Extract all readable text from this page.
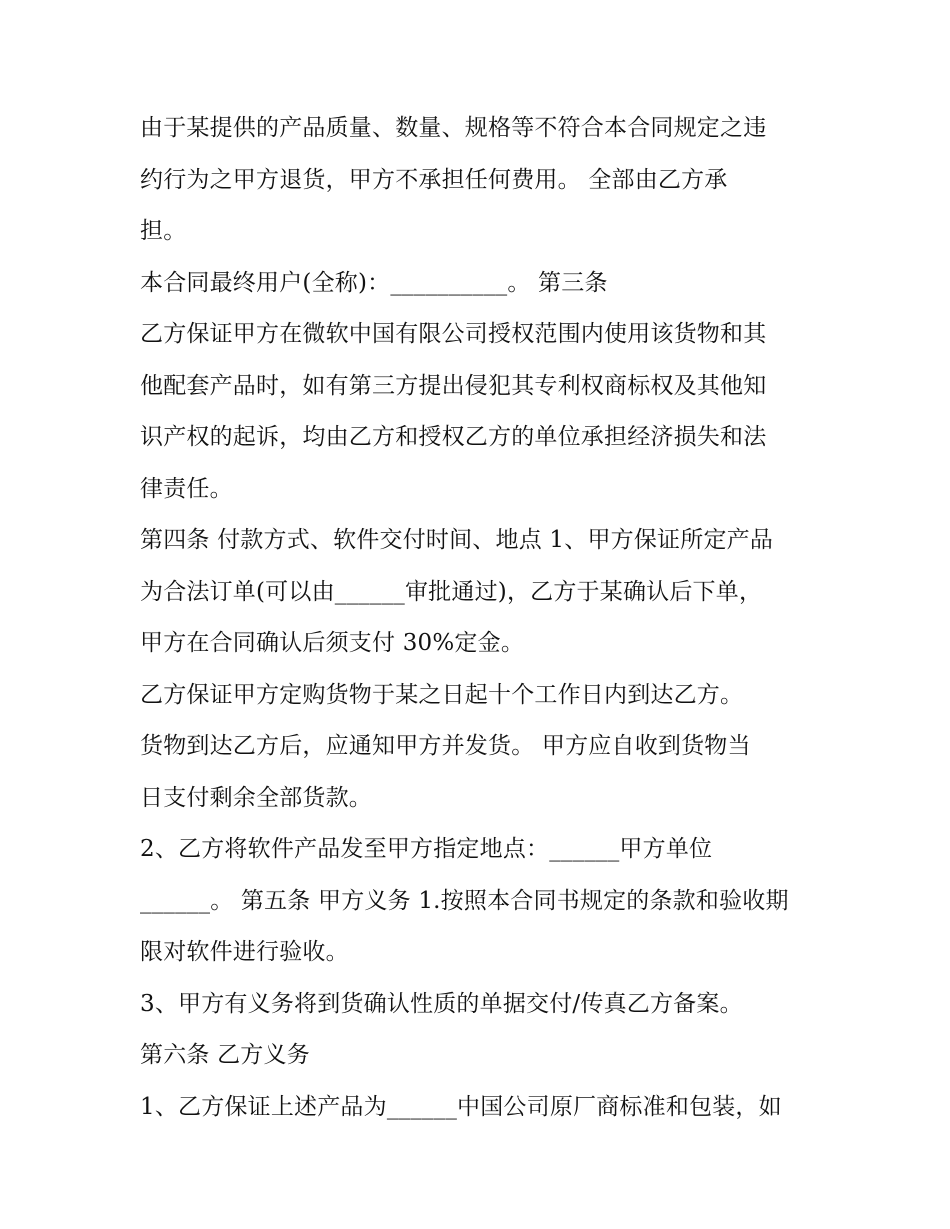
由于某提供的产品质量、数量、规格等不符合本合同规定之违
约行为之甲方退货，甲方不承担任何费用。 全部由乙方承
担。
本合同最终用户(全称)：__________。 第三条
乙方保证甲方在微软中国有限公司授权范围内使用该货物和其
他配套产品时，如有第三方提出侵犯其专利权商标权及其他知
识产权的起诉，均由乙方和授权乙方的单位承担经济损失和法
律责任。
第四条 付款方式、软件交付时间、地点 1、甲方保证所定产品
为合法订单(可以由______审批通过)，乙方于某确认后下单，
甲方在合同确认后须支付 30%定金。
乙方保证甲方定购货物于某之日起十个工作日内到达乙方。
货物到达乙方后，应通知甲方并发货。 甲方应自收到货物当
日支付剩余全部货款。
2、乙方将软件产品发至甲方指定地点：______甲方单位
______。 第五条 甲方义务 1.按照本合同书规定的条款和验收期
限对软件进行验收。
3、甲方有义务将到货确认性质的单据交付/传真乙方备案。
第六条 乙方义务
1、乙方保证上述产品为______中国公司原厂商标准和包装，如
